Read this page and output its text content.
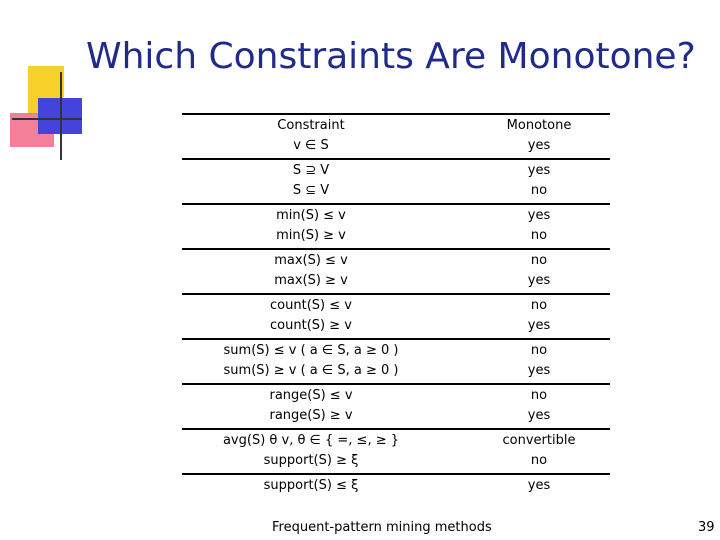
Which Constraints Are Monotone?
Constraint
v ∈ S
Monotone
yes
S ⊇ V
S ⊆ V
yes
no
min(S) ≤ v
min(S) ≥ v
yes
no
max(S) ≤ v
max(S) ≥ v
no
yes
count(S) ≤ v
count(S) ≥ v
no
yes
sum(S) ≤ v ( a ∈ S, a ≥ 0 )
sum(S) ≥ v ( a ∈ S, a ≥ 0 )
no
yes
range(S) ≤ v
range(S) ≥ v
no
yes
avg(S) θ v, θ ∈ { =, ≤, ≥ }
support(S) ≥ ξ
convertible
no
support(S) ≤ ξ	yes
Frequent-pattern mining methods	39
